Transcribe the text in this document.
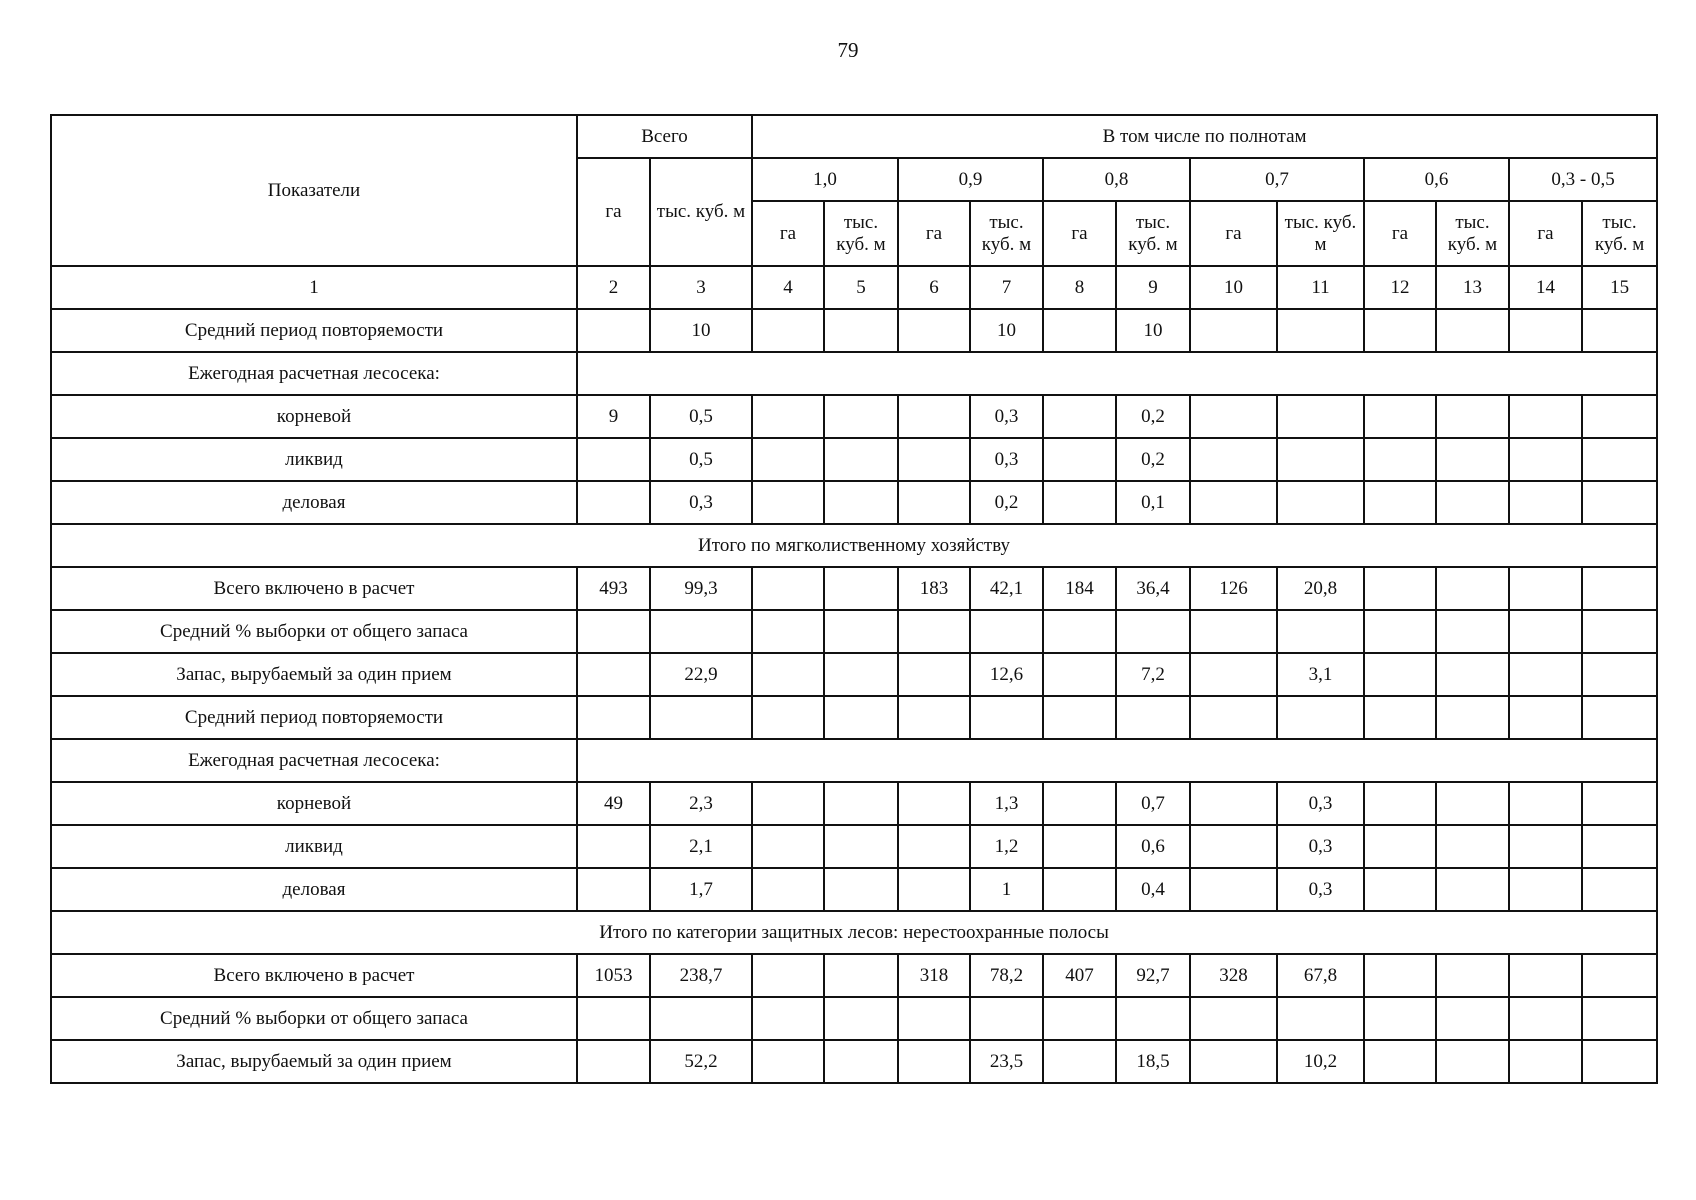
79
Показатели	Всего		В том числе по полнотам											
	га	тыс. куб. м	1,0		0,9		0,8		0,7		0,6		0,3 - 0,5	
			га	тыс. куб. м	га	тыс. куб. м	га	тыс. куб. м	га	тыс. куб. м	га	тыс. куб. м	га	тыс. куб. м
1	2	3	4	5	6	7	8	9	10	11	12	13	14	15
Средний период повторяемости		10				10		10						
Ежегодная расчетная лесосека:														
корневой	9	0,5				0,3		0,2						
ликвид		0,5				0,3		0,2						
деловая		0,3				0,2		0,1						
Итого по мягколиственному хозяйству														
Всего включено в расчет	493	99,3			183	42,1	184	36,4	126	20,8				
Средний % выборки от общего запаса														
Запас, вырубаемый за один прием		22,9				12,6		7,2		3,1				
Средний период повторяемости														
Ежегодная расчетная лесосека:														
корневой	49	2,3				1,3		0,7		0,3				
ликвид		2,1				1,2		0,6		0,3				
деловая		1,7				1		0,4		0,3				
Итого по категории защитных лесов: нерестоохранные полосы														
Всего включено в расчет	1053	238,7			318	78,2	407	92,7	328	67,8				
Средний % выборки от общего запаса														
Запас, вырубаемый за один прием		52,2				23,5		18,5		10,2				
